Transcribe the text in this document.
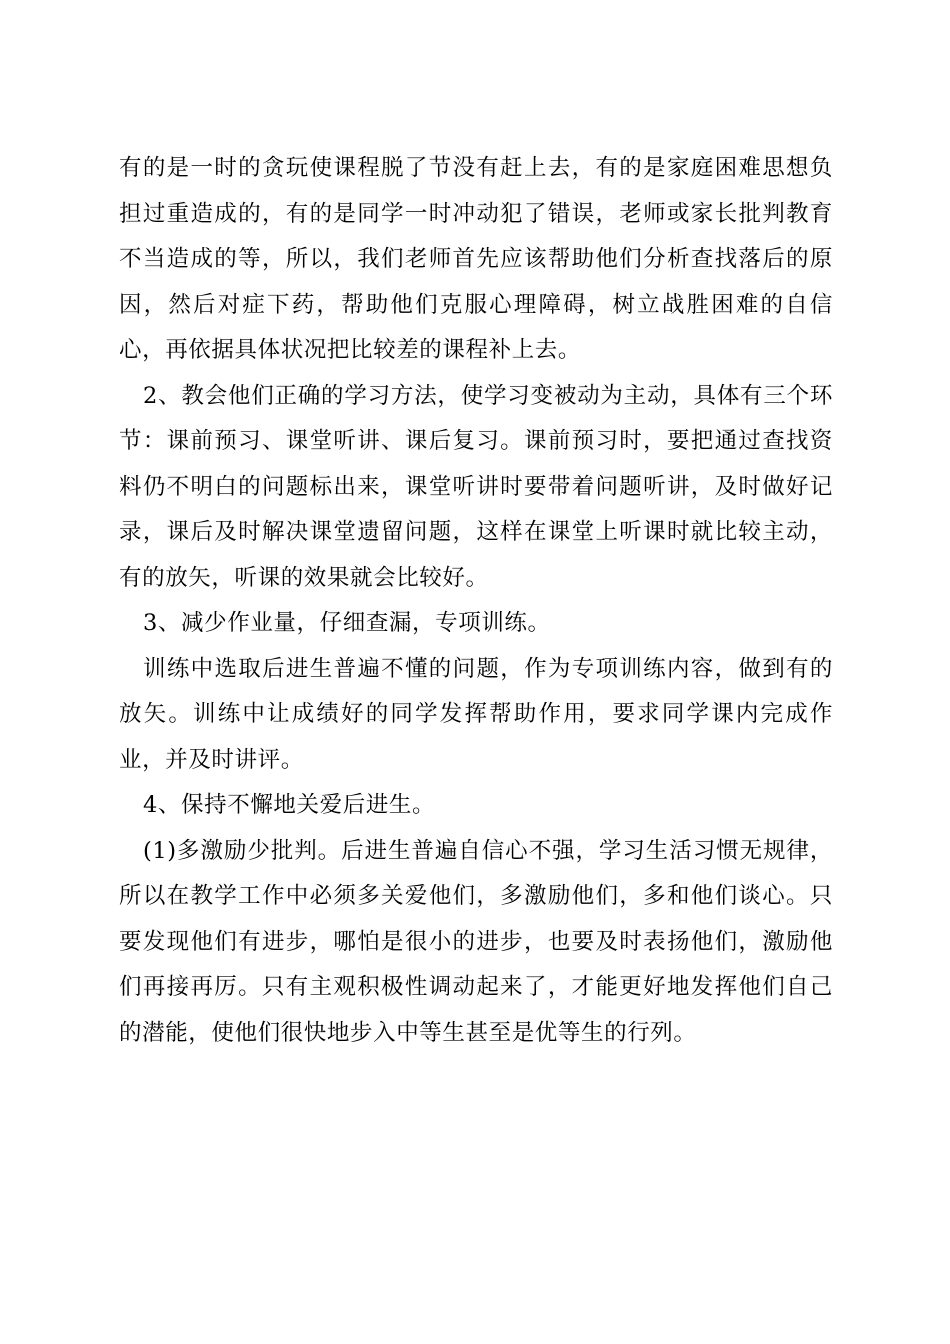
有的是一时的贪玩使课程脱了节没有赶上去，有的是家庭困难思想负担过重造成的，有的是同学一时冲动犯了错误，老师或家长批判教育不当造成的等，所以，我们老师首先应该帮助他们分析查找落后的原因，然后对症下药，帮助他们克服心理障碍，树立战胜困难的自信心，再依据具体状况把比较差的课程补上去。

2、教会他们正确的学习方法，使学习变被动为主动，具体有三个环节：课前预习、课堂听讲、课后复习。课前预习时，要把通过查找资料仍不明白的问题标出来，课堂听讲时要带着问题听讲，及时做好记录，课后及时解决课堂遗留问题，这样在课堂上听课时就比较主动，有的放矢，听课的效果就会比较好。

3、减少作业量，仔细查漏，专项训练。

训练中选取后进生普遍不懂的问题，作为专项训练内容，做到有的放矢。训练中让成绩好的同学发挥帮助作用，要求同学课内完成作业，并及时讲评。

4、保持不懈地关爱后进生。

(1)多激励少批判。后进生普遍自信心不强，学习生活习惯无规律，所以在教学工作中必须多关爱他们，多激励他们，多和他们谈心。只要发现他们有进步，哪怕是很小的进步，也要及时表扬他们，激励他们再接再厉。只有主观积极性调动起来了，才能更好地发挥他们自己的潜能，使他们很快地步入中等生甚至是优等生的行列。
